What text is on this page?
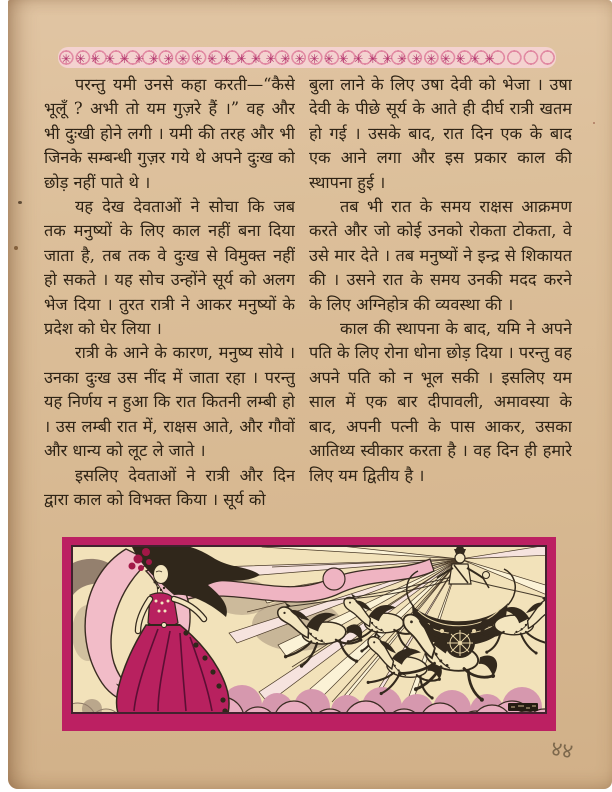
✳✳✳✳✳✳✳✳✳✳✳✳✳✳✳✳✳✳✳✳✳✳✳✳✳✳✳✳✳✳

परन्तु यमी उनसे कहा करती—“कैसे भूलूँ ? अभी तो यम गुज़रे हैं ।” वह और भी दुःखी होने लगी । यमी की तरह और भी जिनके सम्बन्धी गुज़र गये थे अपने दुःख को छोड़ नहीं पाते थे ।

यह देख देवताओं ने सोचा कि जब तक मनुष्यों के लिए काल नहीं बना दिया जाता है, तब तक वे दुःख से विमुक्त नहीं हो सकते । यह सोच उन्होंने सूर्य को अलग भेज दिया । तुरत रात्री ने आकर मनुष्यों के प्रदेश को घेर लिया ।

रात्री के आने के कारण, मनुष्य सोये । उनका दुःख उस नींद में जाता रहा । परन्तु यह निर्णय न हुआ कि रात कितनी लम्बी हो । उस लम्बी रात में, राक्षस आते, और गौवों और धान्य को लूट ले जाते ।

इसलिए देवताओं ने रात्री और दिन द्वारा काल को विभक्त किया । सूर्य को

बुला लाने के लिए उषा देवी को भेजा । उषा देवी के पीछे सूर्य के आते ही दीर्घ रात्री खतम हो गई । उसके बाद, रात दिन एक के बाद एक आने लगा और इस प्रकार काल की स्थापना हुई ।

तब भी रात के समय राक्षस आक्रमण करते और जो कोई उनको रोकता टोकता, वे उसे मार देते । तब मनुष्यों ने इन्द्र से शिकायत की । उसने रात के समय उनकी मदद करने के लिए अग्निहोत्र की व्यवस्था की ।

काल की स्थापना के बाद, यमि ने अपने पति के लिए रोना धोना छोड़ दिया । परन्तु वह अपने पति को न भूल सकी । इसलिए यम साल में एक बार दीपावली, अमावस्या के बाद, अपनी पत्नी के पास आकर, उसका आतिथ्य स्वीकार करता है । वह दिन ही हमारे लिए यम द्वितीय है ।

४४
